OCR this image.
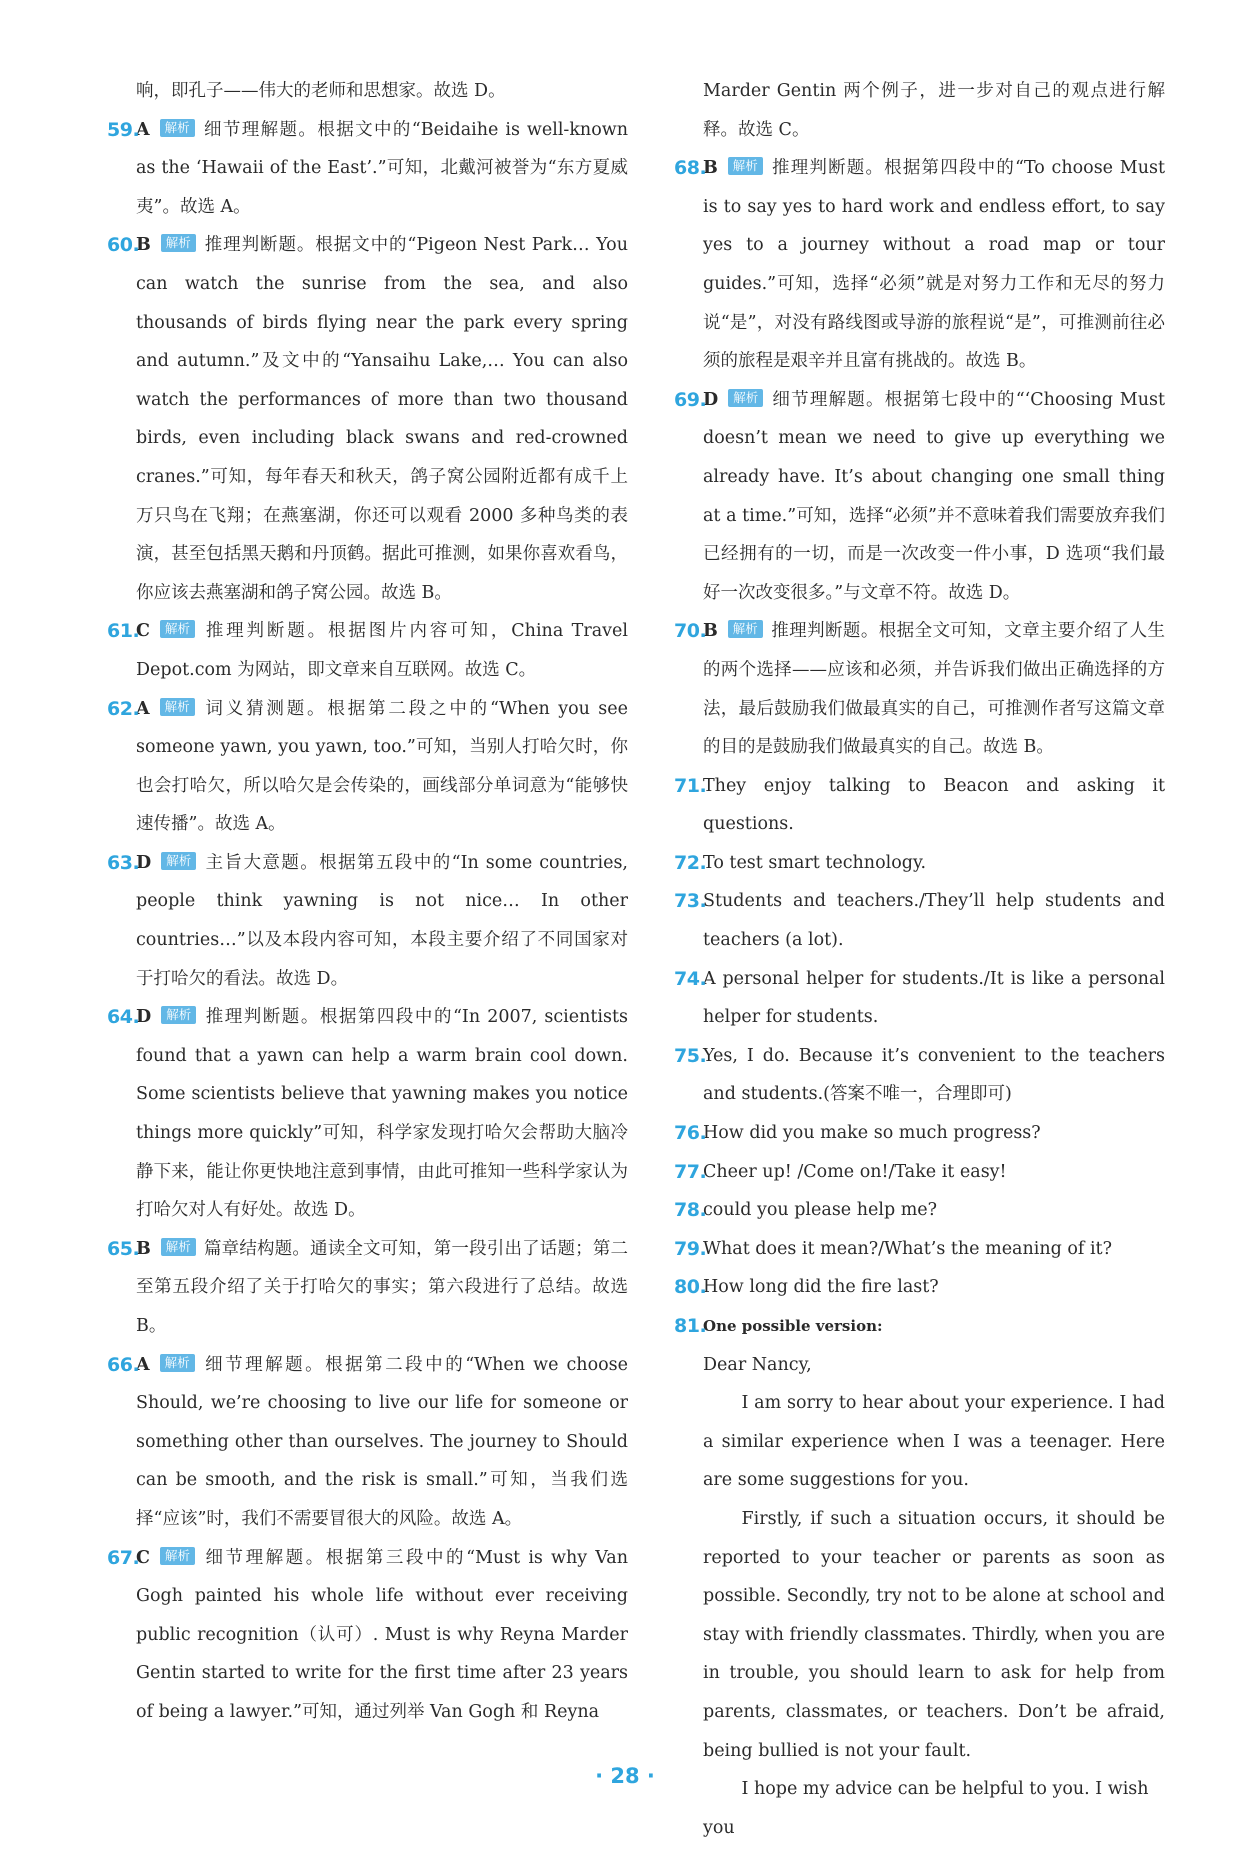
响，即孔子——伟大的老师和思想家。故选 D。
59.
A 解析 细节理解题。根据文中的“Beidaihe is well-known as the ‘Hawaii of the East’.”可知，北戴河被誉为“东方夏威夷”。故选 A。
60.
B 解析 推理判断题。根据文中的“Pigeon Nest Park… You can watch the sunrise from the sea, and also thousands of birds flying near the park every spring and autumn.”及文中的“Yansaihu Lake,… You can also watch the performances of more than two thousand birds, even including black swans and red-crowned cranes.”可知，每年春天和秋天，鸽子窝公园附近都有成千上万只鸟在飞翔；在燕塞湖，你还可以观看 2000 多种鸟类的表演，甚至包括黑天鹅和丹顶鹤。据此可推测，如果你喜欢看鸟，你应该去燕塞湖和鸽子窝公园。故选 B。
61.
C 解析 推理判断题。根据图片内容可知，China Travel Depot.com 为网站，即文章来自互联网。故选 C。
62.
A 解析 词义猜测题。根据第二段之中的“When you see someone yawn, you yawn, too.”可知，当别人打哈欠时，你也会打哈欠，所以哈欠是会传染的，画线部分单词意为“能够快速传播”。故选 A。
63.
D 解析 主旨大意题。根据第五段中的“In some countries, people think yawning is not nice… In other countries…”以及本段内容可知，本段主要介绍了不同国家对于打哈欠的看法。故选 D。
64.
D 解析 推理判断题。根据第四段中的“In 2007, scientists found that a yawn can help a warm brain cool down. Some scientists believe that yawning makes you notice things more quickly”可知，科学家发现打哈欠会帮助大脑冷静下来，能让你更快地注意到事情，由此可推知一些科学家认为打哈欠对人有好处。故选 D。
65.
B 解析 篇章结构题。通读全文可知，第一段引出了话题；第二至第五段介绍了关于打哈欠的事实；第六段进行了总结。故选 B。
66.
A 解析 细节理解题。根据第二段中的“When we choose Should, we’re choosing to live our life for someone or something other than ourselves. The journey to Should can be smooth, and the risk is small.”可知，当我们选择“应该”时，我们不需要冒很大的风险。故选 A。
67.
C 解析 细节理解题。根据第三段中的“Must is why Van Gogh painted his whole life without ever receiving public recognition（认可）. Must is why Reyna Marder Gentin started to write for the first time after 23 years of being a lawyer.”可知，通过列举 Van Gogh 和 Reyna
Marder Gentin 两个例子，进一步对自己的观点进行解释。故选 C。
68.
B 解析 推理判断题。根据第四段中的“To choose Must is to say yes to hard work and endless effort, to say yes to a journey without a road map or tour guides.”可知，选择“必须”就是对努力工作和无尽的努力说“是”，对没有路线图或导游的旅程说“是”，可推测前往必须的旅程是艰辛并且富有挑战的。故选 B。
69.
D 解析 细节理解题。根据第七段中的“‘Choosing Must doesn’t mean we need to give up everything we already have. It’s about changing one small thing at a time.”可知，选择“必须”并不意味着我们需要放弃我们已经拥有的一切，而是一次改变一件小事，D 选项“我们最好一次改变很多。”与文章不符。故选 D。
70.
B 解析 推理判断题。根据全文可知，文章主要介绍了人生的两个选择——应该和必须，并告诉我们做出正确选择的方法，最后鼓励我们做最真实的自己，可推测作者写这篇文章的目的是鼓励我们做最真实的自己。故选 B。
71.
They enjoy talking to Beacon and asking it questions.
72.
To test smart technology.
73.
Students and teachers./They’ll help students and teachers (a lot).
74.
A personal helper for students./It is like a personal helper for students.
75.
Yes, I do. Because it’s convenient to the teachers and students.(答案不唯一，合理即可)
76.
How did you make so much progress?
77.
Cheer up! /Come on!/Take it easy!
78.
could you please help me?
79.
What does it mean?/What’s the meaning of it?
80.
How long did the fire last?
81.
One possible version:
Dear Nancy,
I am sorry to hear about your experience. I had a similar experience when I was a teenager. Here are some suggestions for you.
Firstly, if such a situation occurs, it should be reported to your teacher or parents as soon as possible. Secondly, try not to be alone at school and stay with friendly classmates. Thirdly, when you are in trouble, you should learn to ask for help from parents, classmates, or teachers. Don’t be afraid, being bullied is not your fault.
I hope my advice can be helpful to you. I wish you
· 28 ·
